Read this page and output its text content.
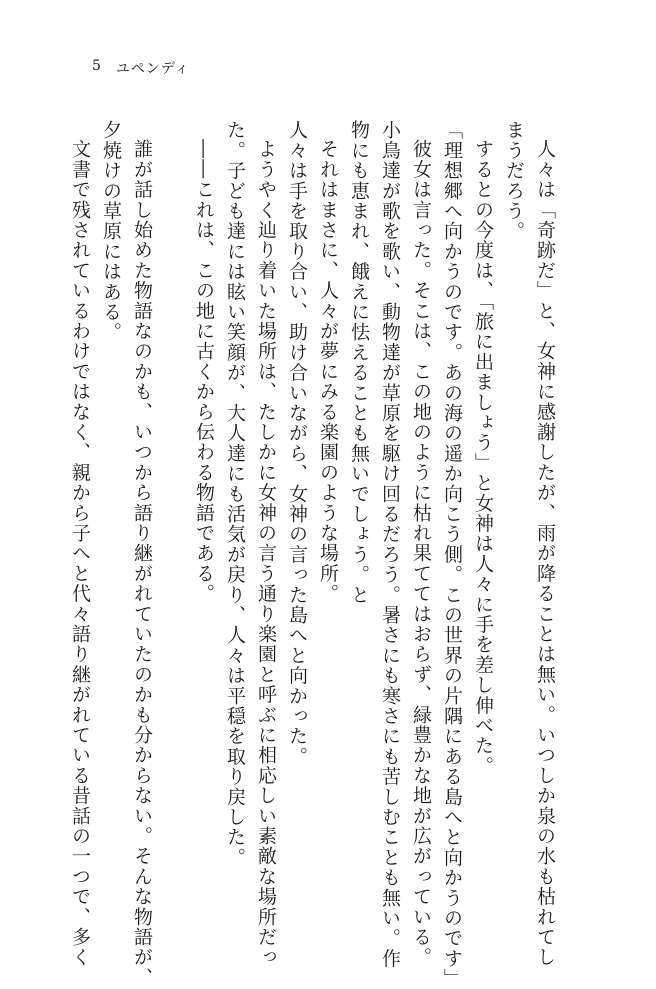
5 ユペンディ
人々は「奇跡だ」と、女神に感謝したが、雨が降ることは無い。いつしか泉の水も枯れてし
まうだろう。
するとの今度は、「旅に出ましょう」と女神は人々に手を差し伸べた。
「理想郷へ向かうのです。あの海の遥か向こう側。この世界の片隅にある島へと向かうのです」
彼女は言った。そこは、この地のように枯れ果ててはおらず、緑豊かな地が広がっている。
小鳥達が歌を歌い、動物達が草原を駆け回るだろう。暑さにも寒さにも苦しむことも無い。作
物にも恵まれ、餓えに怯えることも無いでしょう。と
それはまさに、人々が夢にみる楽園のような場所。
人々は手を取り合い、助け合いながら、女神の言った島へと向かった。
ようやく辿り着いた場所は、たしかに女神の言う通り楽園と呼ぶに相応しい素敵な場所だっ
た。子ども達には眩い笑顔が、大人達にも活気が戻り、人々は平穏を取り戻した。
――これは、この地に古くから伝わる物語である。
誰が話し始めた物語なのかも、いつから語り継がれていたのかも分からない。そんな物語が、
夕焼けの草原にはある。
文書で残されているわけではなく、親から子へと代々語り継がれている昔話の一つで、多く
